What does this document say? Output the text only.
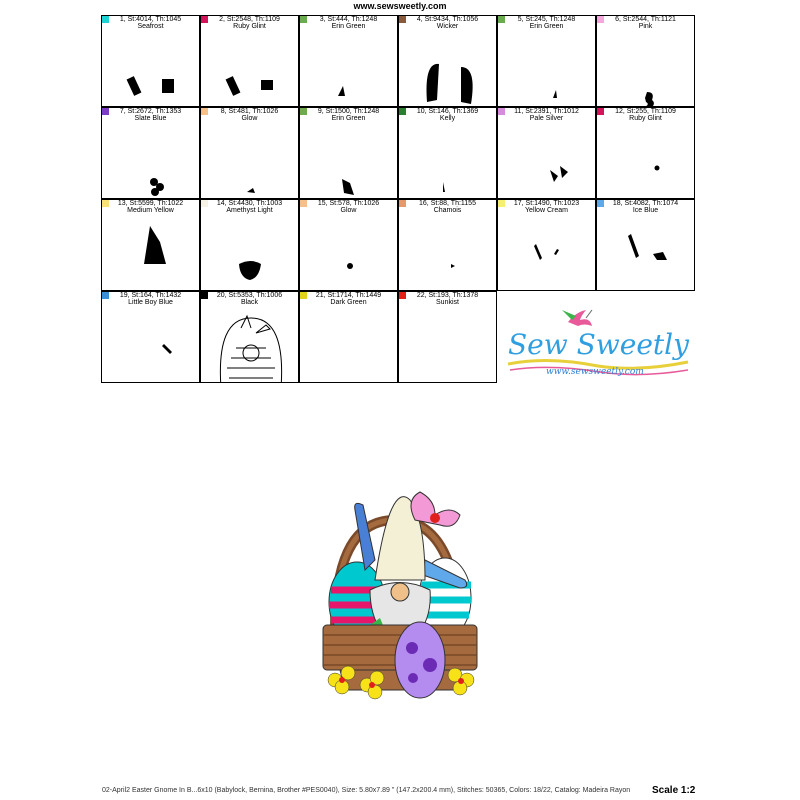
www.sewsweetly.com
1, St:4014, Th:1045
Seafrost
2, St:2548, Th:1109
Ruby Glint
3, St:444, Th:1248
Erin Green
4, St:9434, Th:1056
Wicker
5, St:245, Th:1248
Erin Green
6, St:2544, Th:1121
Pink
7, St:2672, Th:1353
Slate Blue
8, St:481, Th:1026
Glow
9, St:1500, Th:1248
Erin Green
10, St:146, Th:1369
Kelly
11, St:2391, Th:1012
Pale Silver
12, St:255, Th:1109
Ruby Glint
13, St:5599, Th:1022
Medium Yellow
14, St:4430, Th:1003
Amethyst Light
15, St:578, Th:1026
Glow
16, St:88, Th:1155
Chamois
17, St:1490, Th:1023
Yellow Cream
18, St:4082, Th:1074
Ice Blue
19, St:164, Th:1432
Little Boy Blue
20, St:5353, Th:1006
Black
21, St:1714, Th:1449
Dark Green
22, St:193, Th:1378
Sunkist
Sew Sweetly
www.sewsweetly.com
02-April2 Easter Gnome In B...6x10 (Babylock, Bernina, Brother #PES0040), Size: 5.80x7.89 " (147.2x200.4 mm), Stitches: 50365, Colors: 18/22, Catalog: Madeira Rayon Scale 1:2
